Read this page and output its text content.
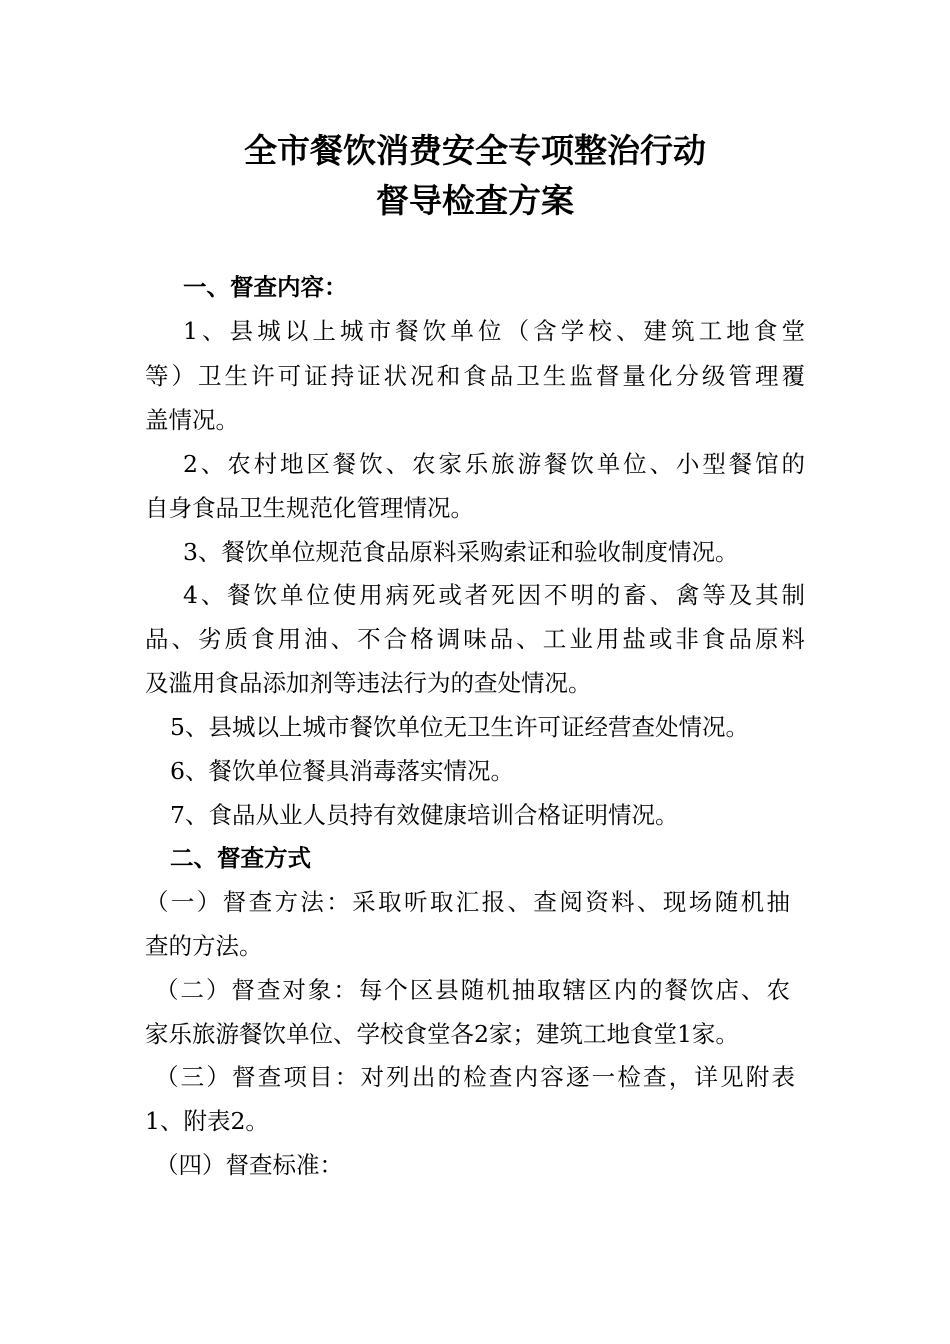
全市餐饮消费安全专项整治行动
督导检查方案
一、督查内容：
1、县城以上城市餐饮单位（含学校、建筑工地食堂
等）卫生许可证持证状况和食品卫生监督量化分级管理覆
盖情况。
2、农村地区餐饮、农家乐旅游餐饮单位、小型餐馆的
自身食品卫生规范化管理情况。
3、餐饮单位规范食品原料采购索证和验收制度情况。
4、餐饮单位使用病死或者死因不明的畜、禽等及其制
品、劣质食用油、不合格调味品、工业用盐或非食品原料
及滥用食品添加剂等违法行为的查处情况。
5、县城以上城市餐饮单位无卫生许可证经营查处情况。
6、餐饮单位餐具消毒落实情况。
7、食品从业人员持有效健康培训合格证明情况。
二、督查方式
（一）督查方法：采取听取汇报、查阅资料、现场随机抽
查的方法。
（二）督查对象：每个区县随机抽取辖区内的餐饮店、农
家乐旅游餐饮单位、学校食堂各2家；建筑工地食堂1家。
（三）督查项目：对列出的检查内容逐一检查，详见附表
1、附表2。
（四）督查标准：
